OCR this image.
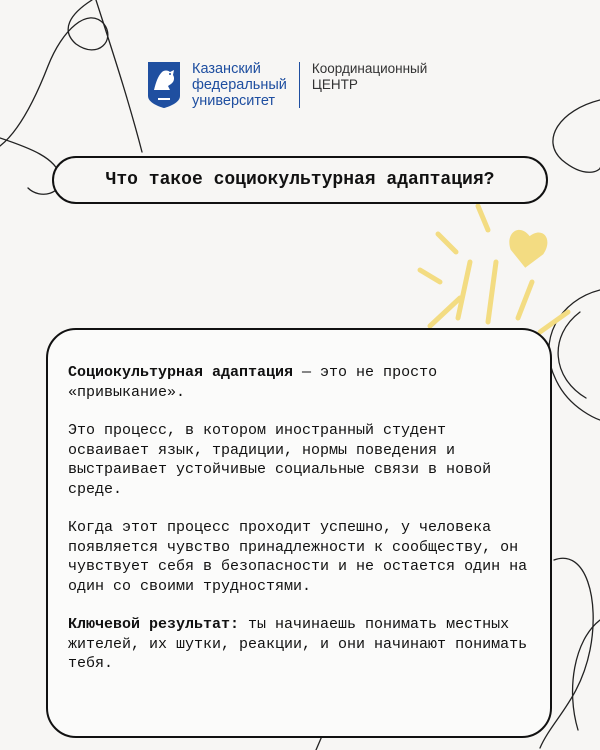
Казанский
федеральный
университет
Координационный
ЦЕНТР
Что такое социокультурная адаптация?

Социокультурная адаптация — это не просто «привыкание».

Это процесс, в котором иностранный студент осваивает язык, традиции, нормы поведения и выстраивает устойчивые социальные связи в новой среде.

Когда этот процесс проходит успешно, у человека появляется чувство принадлежности к сообществу, он чувствует себя в безопасности и не остается один на один со своими трудностями.

Ключевой результат: ты начинаешь понимать местных жителей, их шутки, реакции, и они начинают понимать тебя.
